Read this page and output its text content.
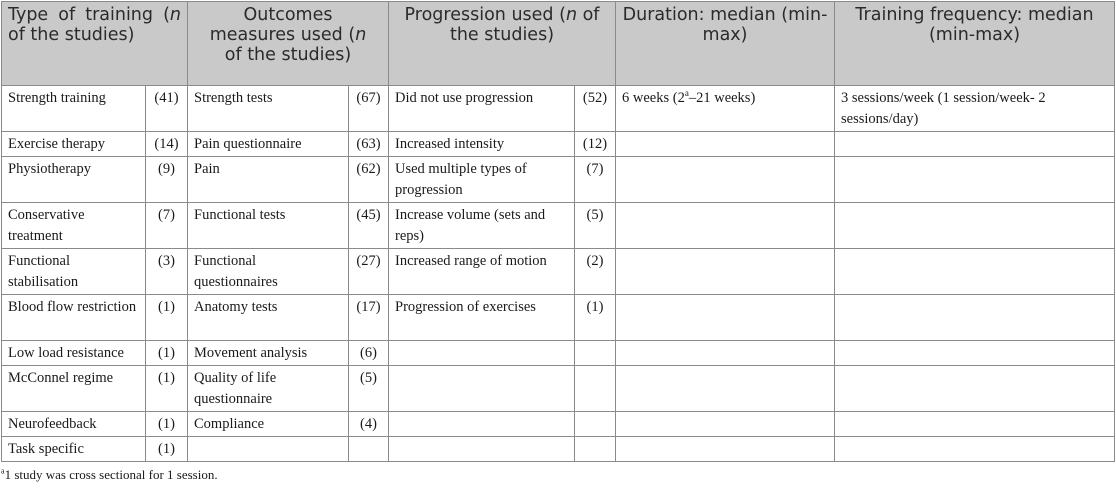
Type of training (n of the studies)		Outcomes measures used (n of the studies)		Progression used (n of the studies)		Duration: median (min-max)	Training frequency: median (min-max)

Strength training	(41)	Strength tests	(67)	Did not use progression	(52)	6 weeks (2$^a$–21 weeks)	3 sessions/week (1 session/week- 2 sessions/day)
Exercise therapy	(14)	Pain questionnaire	(63)	Increased intensity	(12)		
Physiotherapy	(9)	Pain	(62)	Used multiple types of progression	(7)		
Conservative treatment	(7)	Functional tests	(45)	Increase volume (sets and reps)	(5)		
Functional stabilisation	(3)	Functional questionnaires	(27)	Increased range of motion	(2)		
Blood flow restriction	(1)	Anatomy tests	(17)	Progression of exercises	(1)		
Low load resistance	(1)	Movement analysis	(6)				
McConnel regime	(1)	Quality of life questionnaire	(5)				
Neurofeedback	(1)	Compliance	(4)				
Task specific	(1)						
$^a$1 study was cross sectional for 1 session.
